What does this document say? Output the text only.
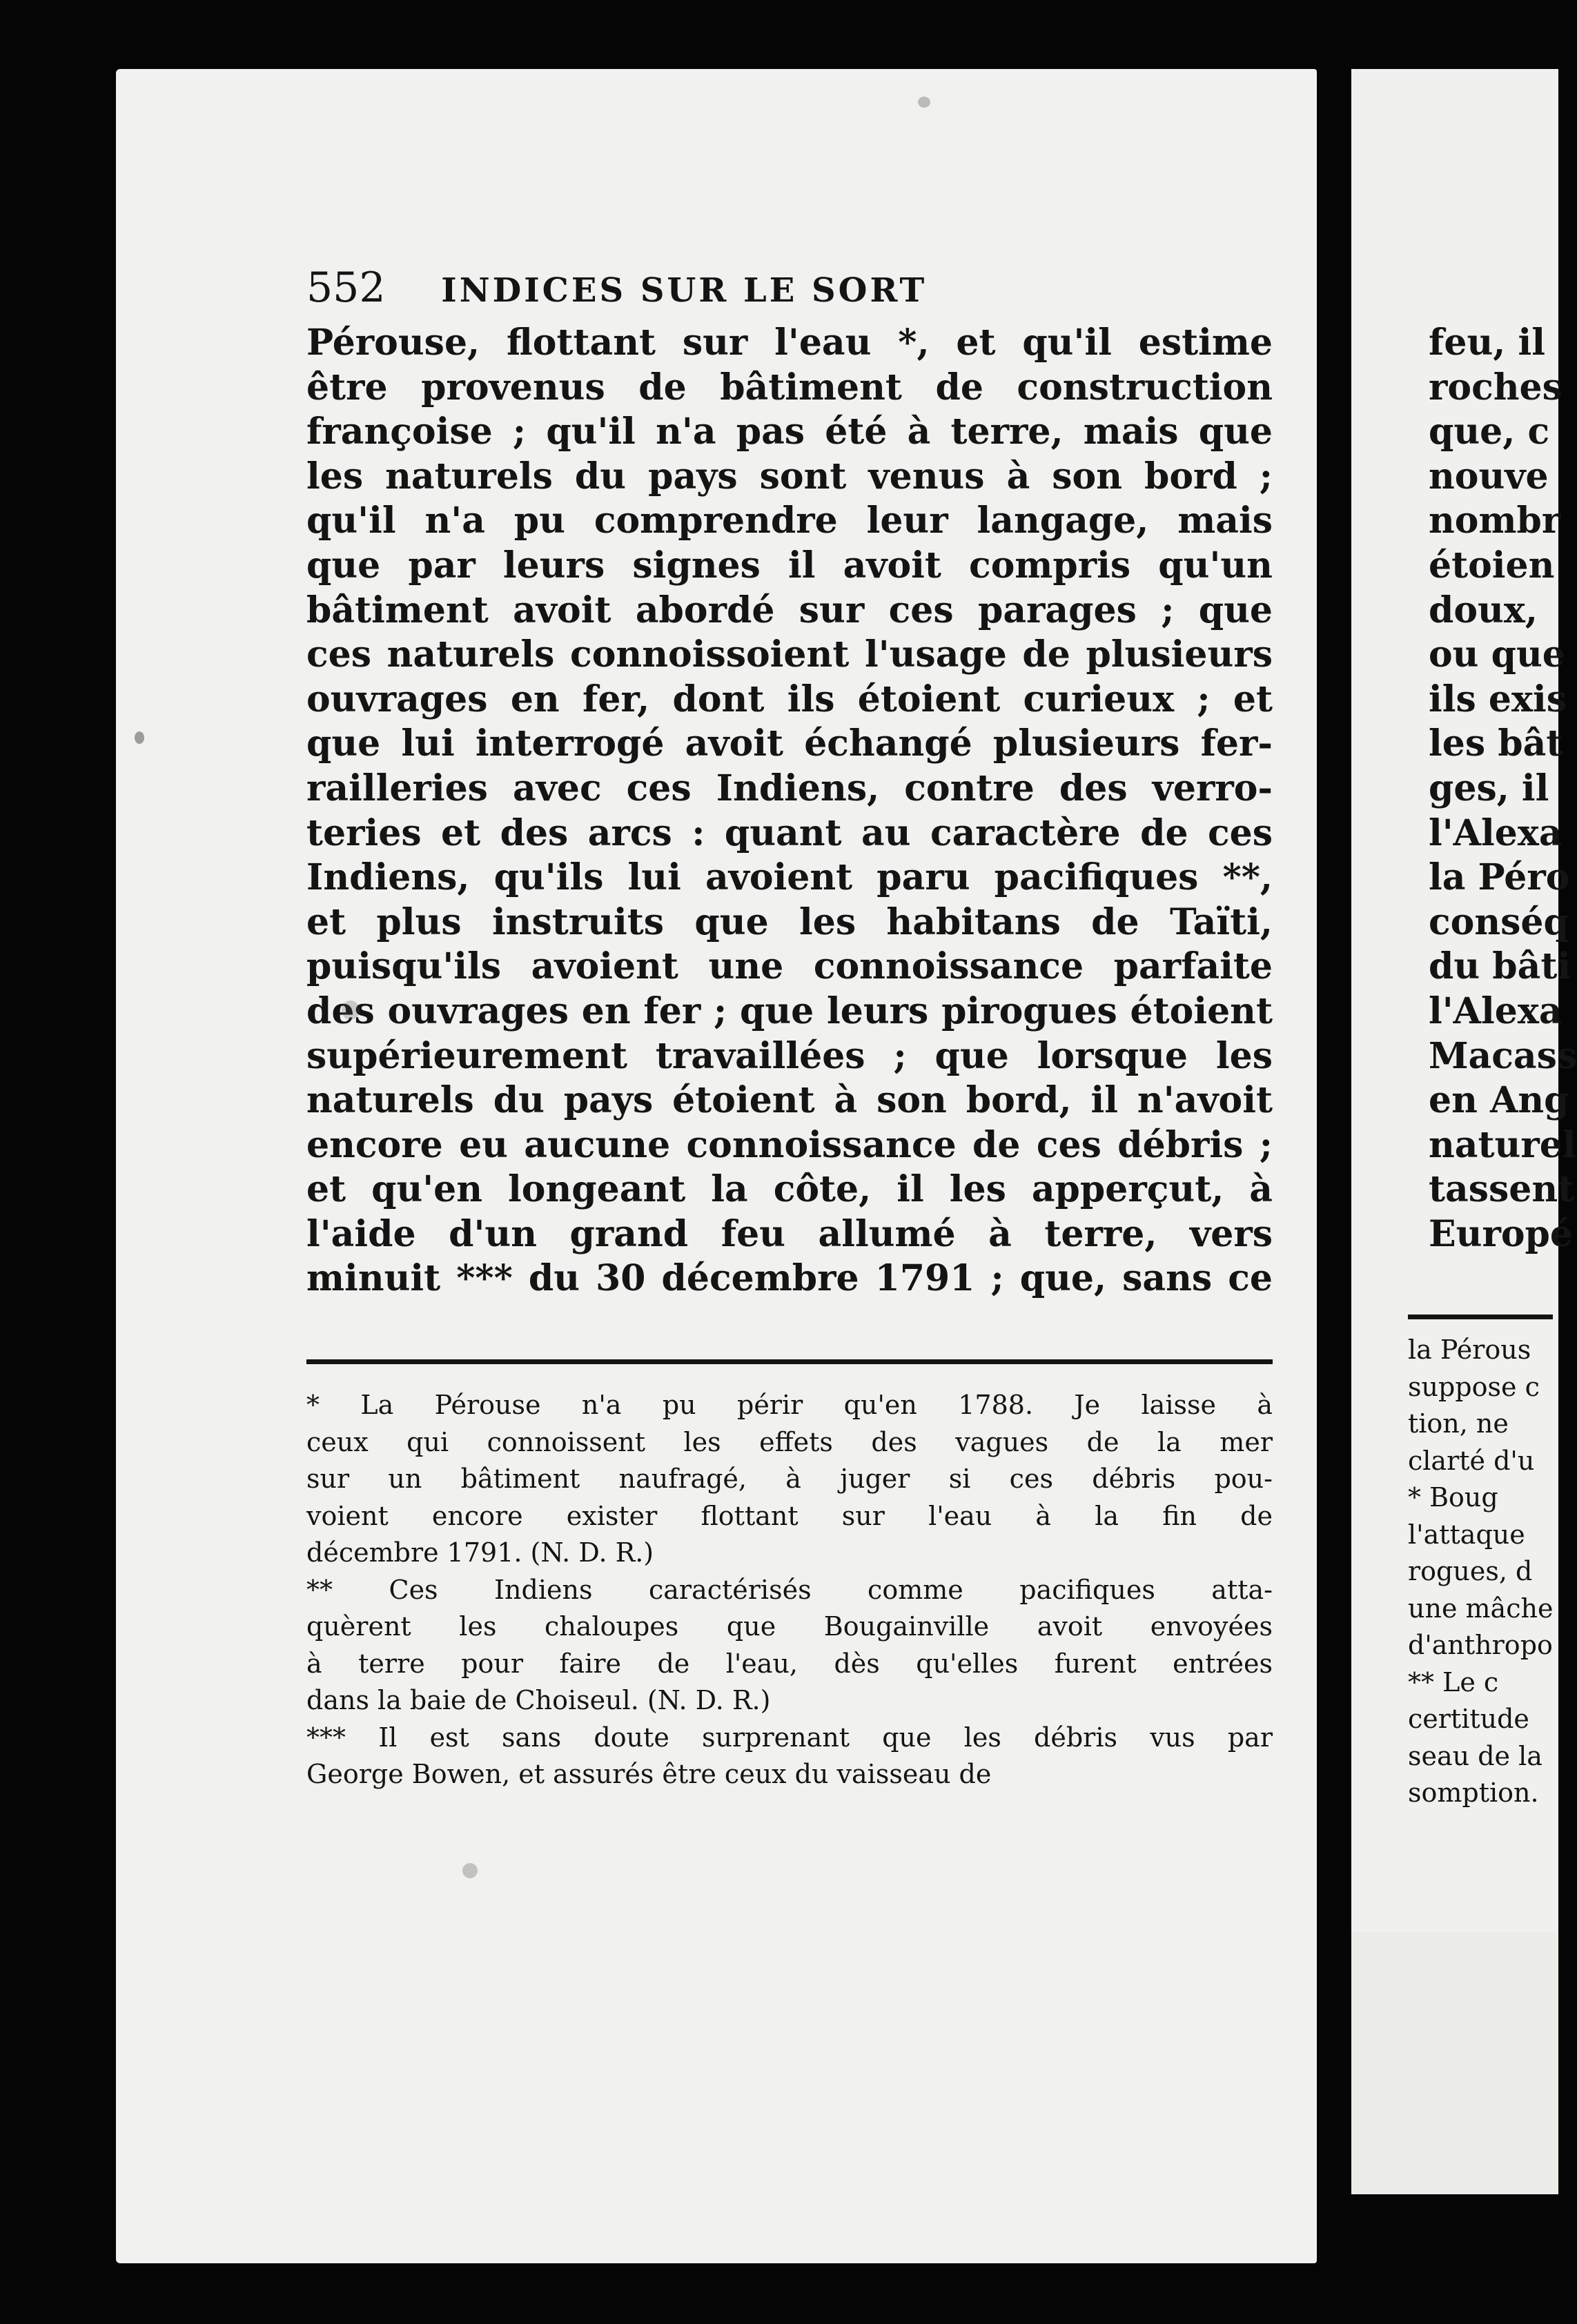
552 INDICES SUR LE SORT
Pérouse, flottant sur l'eau *, et qu'il estime
être provenus de bâtiment de construction
françoise ; qu'il n'a pas été à terre, mais que
les naturels du pays sont venus à son bord ;
qu'il n'a pu comprendre leur langage, mais
que par leurs signes il avoit compris qu'un
bâtiment avoit abordé sur ces parages ; que
ces naturels connoissoient l'usage de plusieurs
ouvrages en fer, dont ils étoient curieux ; et
que lui interrogé avoit échangé plusieurs fer-
railleries avec ces Indiens, contre des verro-
teries et des arcs : quant au caractère de ces
Indiens, qu'ils lui avoient paru pacifiques **,
et plus instruits que les habitans de Taïti,
puisqu'ils avoient une connoissance parfaite
des ouvrages en fer ; que leurs pirogues étoient
supérieurement travaillées ; que lorsque les
naturels du pays étoient à son bord, il n'avoit
encore eu aucune connoissance de ces débris ;
et qu'en longeant la côte, il les apperçut, à
l'aide d'un grand feu allumé à terre, vers
minuit *** du 30 décembre 1791 ; que, sans ce
* La Pérouse n'a pu périr qu'en 1788. Je laisse à
ceux qui connoissent les effets des vagues de la mer
sur un bâtiment naufragé, à juger si ces débris pou-
voient encore exister flottant sur l'eau à la fin de
décembre 1791. (N. D. R.)
** Ces Indiens caractérisés comme pacifiques atta-
quèrent les chaloupes que Bougainville avoit envoyées
à terre pour faire de l'eau, dès qu'elles furent entrées
dans la baie de Choiseul. (N. D. R.)
*** Il est sans doute surprenant que les débris vus par
George Bowen, et assurés être ceux du vaisseau de
feu, il
roches
que, c
nouve
nombr
étoien
doux,
ou que
ils exis
les bât
ges, il
l'Alexa
la Péro
conséq
du bâti
l'Alexa
Macass
en Ang
naturel
tassent
Europé
la Pérous
suppose c
tion, ne
clarté d'u
* Boug
l'attaque
rogues, d
une mâche
d'anthropo
** Le c
certitude
seau de la
somption.
